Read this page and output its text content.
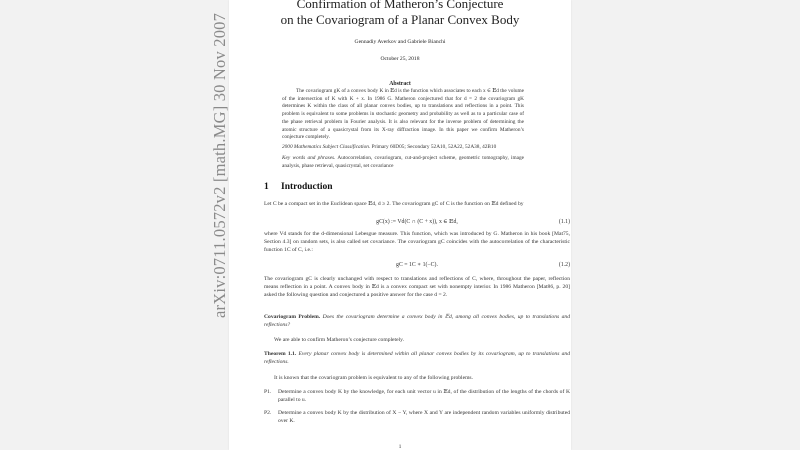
arXiv:0711.0572v2 [math.MG] 30 Nov 2007
Confirmation of Matheron’s Conjecture
on the Covariogram of a Planar Convex Body
Gennadiy Averkov and Gabriele Bianchi
October 25, 2018
Abstract
The covariogram gK of a convex body K in 𝔼d is the function which associates to each x ∈ 𝔼d the volume of the intersection of K with K + x. In 1986 G. Matheron conjectured that for d = 2 the covariogram gK determines K within the class of all planar convex bodies, up to translations and reflections in a point. This problem is equivalent to some problems in stochastic geometry and probability as well as to a particular case of the phase retrieval problem in Fourier analysis. It is also relevant for the inverse problem of determining the atomic structure of a quasicrystal from its X-ray diffraction image. In this paper we confirm Matheron’s conjecture completely.
2000 Mathematics Subject Classification. Primary 60D05; Secondary 52A10, 52A22, 52A38, 42B10
Key words and phrases. Autocorrelation, covariogram, cut-and-project scheme, geometric tomography, image analysis, phase retrieval, quasicrystal, set covariance
1 Introduction
Let C be a compact set in the Euclidean space 𝔼d, d ≥ 2. The covariogram gC of C is the function on 𝔼d defined by
gC(x) := Vd(C ∩ (C + x)), x ∈ 𝔼d,	(1.1)
where Vd stands for the d-dimensional Lebesgue measure. This function, which was introduced by G. Matheron in his book [Mat75, Section 4.3] on random sets, is also called set covariance. The covariogram gC coincides with the autocorrelation of the characteristic function 1C of C, i.e.:
gC = 1C ∗ 1(−C).	(1.2)
The covariogram gC is clearly unchanged with respect to translations and reflections of C, where, throughout the paper, reflection means reflection in a point. A convex body in 𝔼d is a convex compact set with nonempty interior. In 1986 Matheron [Mat86, p. 20] asked the following question and conjectured a positive answer for the case d = 2.
Covariogram Problem. Does the covariogram determine a convex body in 𝔼d, among all convex bodies, up to translations and reflections?
We are able to confirm Matheron’s conjecture completely.
Theorem 1.1. Every planar convex body is determined within all planar convex bodies by its covariogram, up to translations and reflections.
It is known that the covariogram problem is equivalent to any of the following problems.
P1. Determine a convex body K by the knowledge, for each unit vector u in 𝔼d, of the distribution of the lengths of the chords of K parallel to u.
P2. Determine a convex body K by the distribution of X − Y, where X and Y are independent random variables uniformly distributed over K.
1
